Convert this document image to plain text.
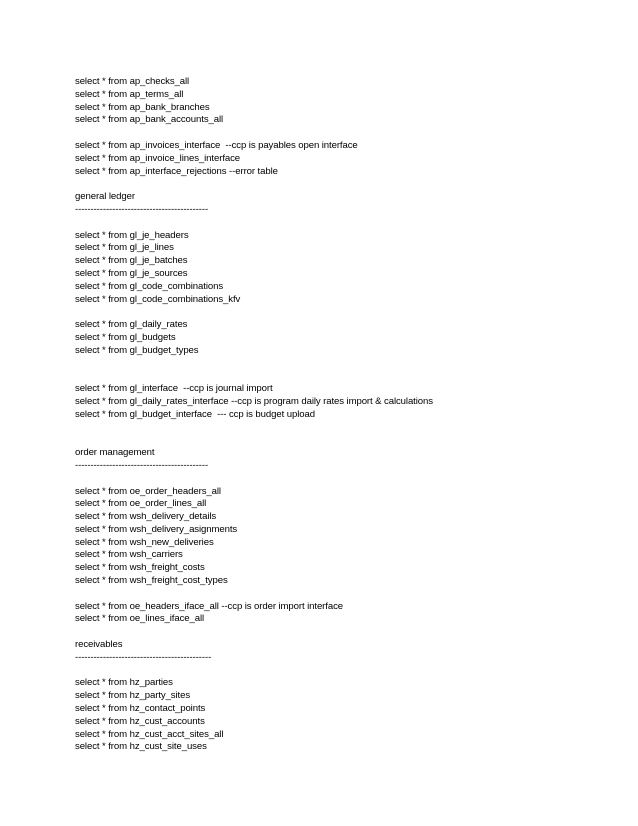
select * from ap_checks_all
select * from ap_terms_all
select * from ap_bank_branches
select * from ap_bank_accounts_all
select * from ap_invoices_interface  --ccp is payables open interface
select * from ap_invoice_lines_interface
select * from ap_interface_rejections --error table
general ledger
-------------------------------------------
select * from gl_je_headers
select * from gl_je_lines
select * from gl_je_batches
select * from gl_je_sources
select * from gl_code_combinations
select * from gl_code_combinations_kfv
select * from gl_daily_rates
select * from gl_budgets
select * from gl_budget_types
select * from gl_interface  --ccp is journal import
select * from gl_daily_rates_interface --ccp is program daily rates import & calculations
select * from gl_budget_interface  --- ccp is budget upload
order management
-------------------------------------------
select * from oe_order_headers_all
select * from oe_order_lines_all
select * from wsh_delivery_details
select * from wsh_delivery_asignments
select * from wsh_new_deliveries
select * from wsh_carriers
select * from wsh_freight_costs
select * from wsh_freight_cost_types
select * from oe_headers_iface_all --ccp is order import interface
select * from oe_lines_iface_all
receivables
--------------------------------------------
select * from hz_parties
select * from hz_party_sites
select * from hz_contact_points
select * from hz_cust_accounts
select * from hz_cust_acct_sites_all
select * from hz_cust_site_uses
